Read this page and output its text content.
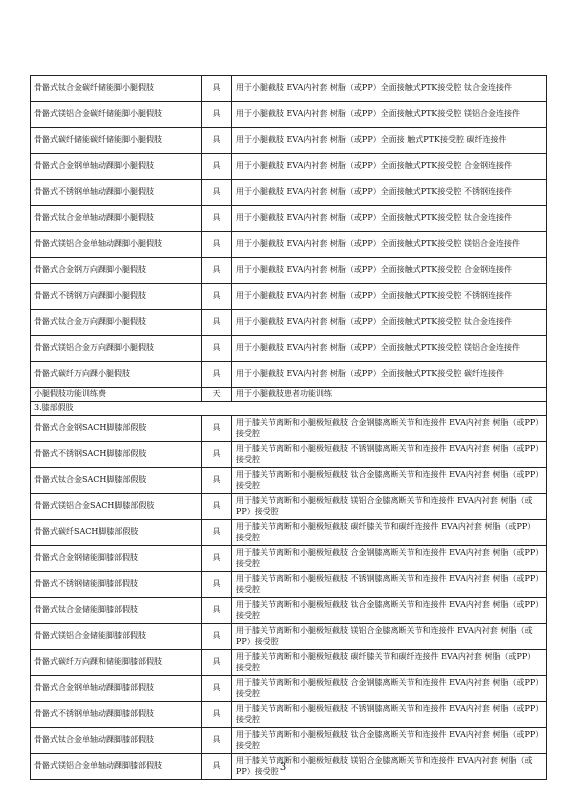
骨骼式钛合金碳纤储能脚小腿假肢	具	用于小腿截肢 EVA内衬套 树脂（或PP）全面接触式PTK接受腔 钛合金连接件
骨骼式镁铝合金碳纤储能脚小腿假肢	具	用于小腿截肢 EVA内衬套 树脂（或PP）全面接触式PTK接受腔 镁铝合金连接件
骨骼式碳纤储能碳纤储能脚小腿假肢	具	用于小腿截肢 EVA内衬套 树脂（或PP）全面接 触式PTK接受腔 碳纤连接件
骨骼式合金钢单轴动踝脚小腿假肢	具	用于小腿截肢 EVA内衬套 树脂（或PP）全面接触式PTK接受腔 合金钢连接件
骨骼式不锈钢单轴动踝脚小腿假肢	具	用于小腿截肢 EVA内衬套 树脂（或PP）全面接触式PTK接受腔 不锈钢连接件
骨骼式钛合金单轴动踝脚小腿假肢	具	用于小腿截肢 EVA内衬套 树脂（或PP）全面接触式PTK接受腔 钛合金连接件
骨骼式镁铝合金单轴动踝脚小腿假肢	具	用于小腿截肢 EVA内衬套 树脂（或PP）全面接触式PTK接受腔 镁铝合金连接件
骨骼式合金钢万向踝脚小腿假肢	具	用于小腿截肢 EVA内衬套 树脂（或PP）全面接触式PTK接受腔 合金钢连接件
骨骼式不锈钢万向踝脚小腿假肢	具	用于小腿截肢 EVA内衬套 树脂（或PP）全面接触式PTK接受腔 不锈钢连接件
骨骼式钛合金万向踝脚小腿假肢	具	用于小腿截肢 EVA内衬套 树脂（或PP）全面接触式PTK接受腔 钛合金连接件
骨骼式镁铝合金万向踝脚小腿假肢	具	用于小腿截肢 EVA内衬套 树脂（或PP）全面接触式PTK接受腔 镁铝合金连接件
骨骼式碳纤万向踝小腿假肢	具	用于小腿截肢 EVA内衬套 树脂（或PP）全面接触式PTK接受腔 碳纤连接件
小腿假肢功能训练费	天	用于小腿截肢患者功能训练
3.膝部假肢		
骨骼式合金钢SACH脚膝部假肢	具	用于膝关节离断和小腿极短截肢 合金钢膝离断关节和连接件 EVA内衬套 树脂（或PP）接受腔
骨骼式不锈钢SACH脚膝部假肢	具	用于膝关节离断和小腿极短截肢 不锈钢膝离断关节和连接件 EVA内衬套 树脂（或PP）接受腔
骨骼式钛合金SACH脚膝部假肢	具	用于膝关节离断和小腿极短截肢 钛合金膝离断关节和连接件 EVA内衬套 树脂（或PP）接受腔
骨骼式镁铝合金SACH脚膝部假肢	具	用于膝关节离断和小腿极短截肢 镁铝合金膝离断关节和连接件 EVA内衬套 树脂（或PP）接受腔
骨骼式碳纤SACH脚膝部假肢	具	用于膝关节离断和小腿极短截肢 碳纤膝关节和碳纤连接件 EVA内衬套 树脂（或PP）接受腔
骨骼式合金钢储能脚膝部假肢	具	用于膝关节离断和小腿极短截肢 合金钢膝离断关节和连接件 EVA内衬套 树脂（或PP）接受腔
骨骼式不锈钢储能脚膝部假肢	具	用于膝关节离断和小腿极短截肢 不锈钢膝离断关节和连接件 EVA内衬套 树脂（或PP）接受腔
骨骼式钛合金储能脚膝部假肢	具	用于膝关节离断和小腿极短截肢 钛合金膝离断关节和连接件 EVA内衬套 树脂（或PP）接受腔
骨骼式镁铝合金储能脚膝部假肢	具	用于膝关节离断和小腿极短截肢 镁铝合金膝离断关节和连接件 EVA内衬套 树脂（或PP）接受腔
骨骼式碳纤万向踝和储能脚膝部假肢	具	用于膝关节离断和小腿极短截肢 碳纤膝关节和碳纤连接件 EVA内衬套 树脂（或PP）接受腔
骨骼式合金钢单轴动踝脚膝部假肢	具	用于膝关节离断和小腿极短截肢 合金钢膝离断关节和连接件 EVA内衬套 树脂（或PP）接受腔
骨骼式不锈钢单轴动踝脚膝部假肢	具	用于膝关节离断和小腿极短截肢 不锈钢膝离断关节和连接件 EVA内衬套 树脂（或PP）接受腔
骨骼式钛合金单轴动踝脚膝部假肢	具	用于膝关节离断和小腿极短截肢 钛合金膝离断关节和连接件 EVA内衬套 树脂（或PP）接受腔
骨骼式镁铝合金单轴动踝脚膝部假肢	具	用于膝关节离断和小腿极短截肢 镁铝合金膝离断关节和连接件 EVA内衬套 树脂（或PP）接受腔 3
